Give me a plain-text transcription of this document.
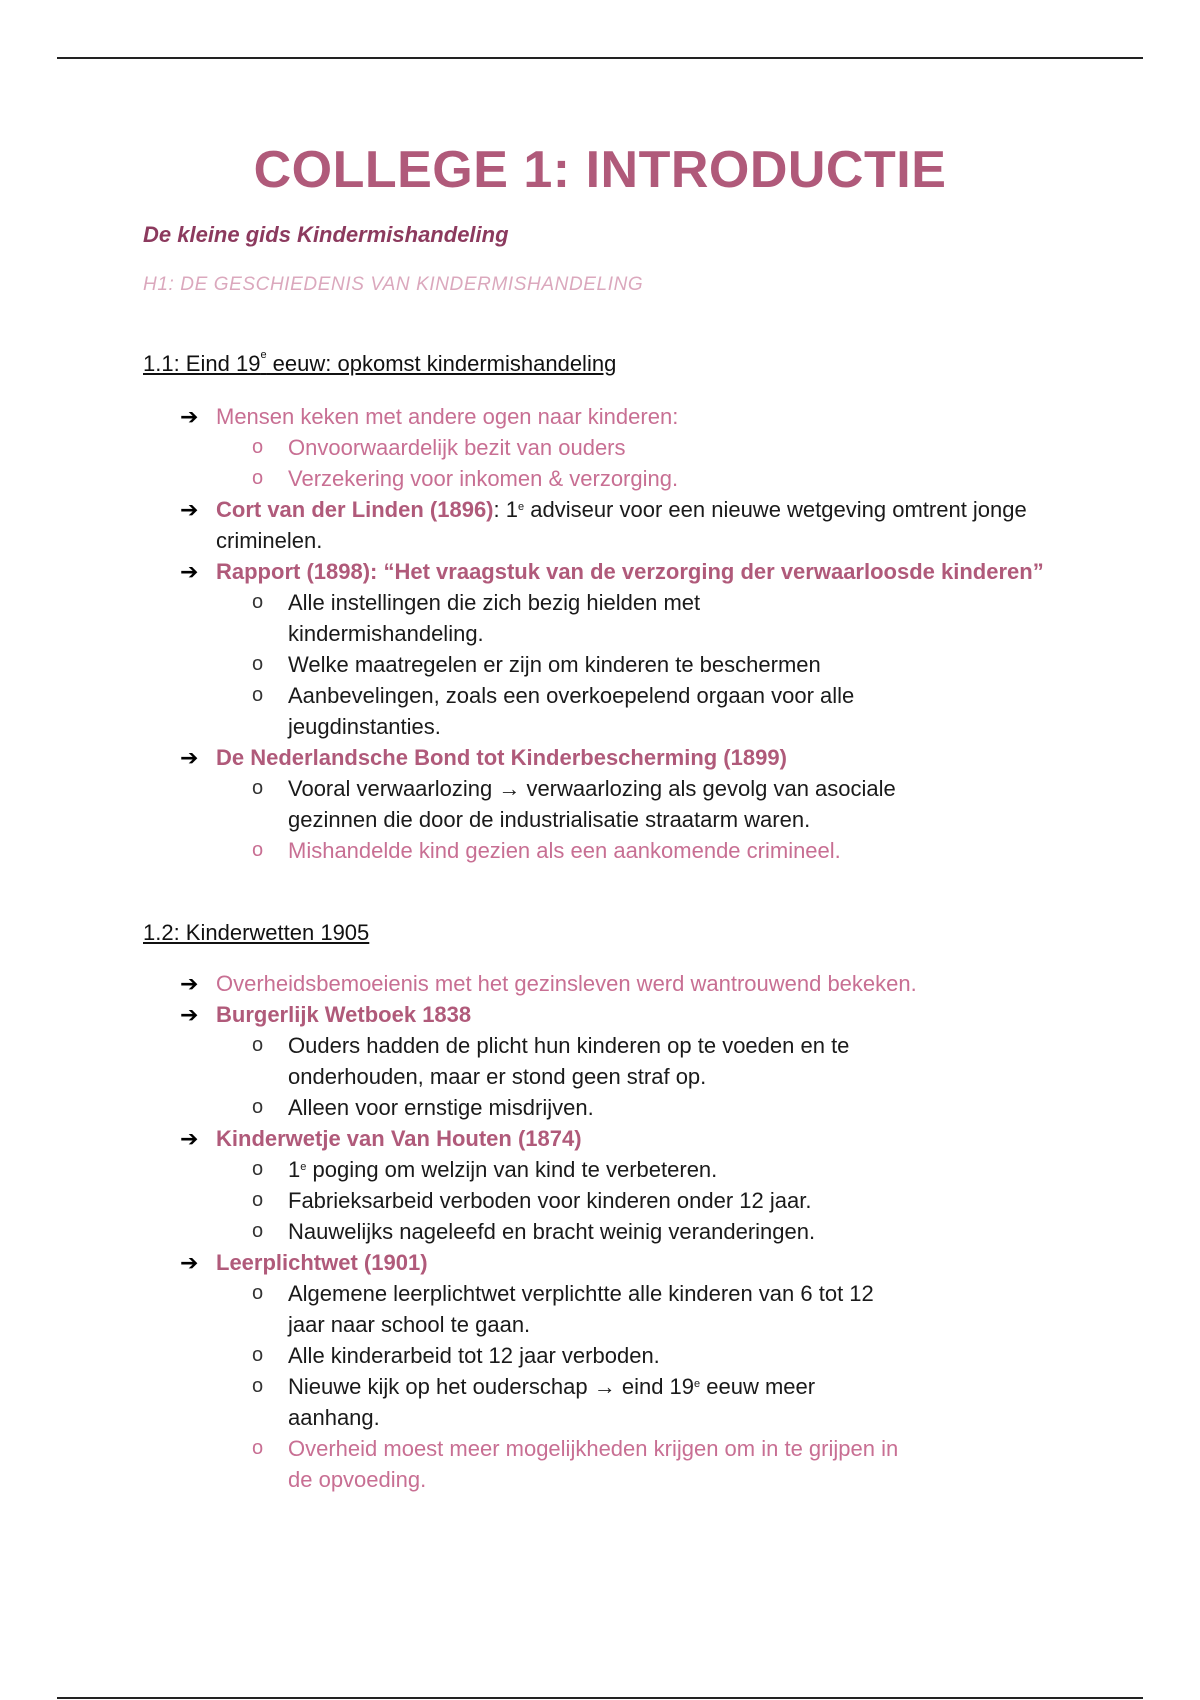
COLLEGE 1: INTRODUCTIE

De kleine gids Kindermishandeling

H1: DE GESCHIEDENIS VAN KINDERMISHANDELING

1.1: Eind 19e eeuw: opkomst kindermishandeling
➔ Mensen keken met andere ogen naar kinderen:
o Onvoorwaardelijk bezit van ouders
o Verzekering voor inkomen & verzorging.
➔ Cort van der Linden (1896): 1e adviseur voor een nieuwe wetgeving omtrent jonge criminelen.
➔ Rapport (1898): “Het vraagstuk van de verzorging der verwaarloosde kinderen”
o Alle instellingen die zich bezig hielden met kindermishandeling.
o Welke maatregelen er zijn om kinderen te beschermen
o Aanbevelingen, zoals een overkoepelend orgaan voor alle jeugdinstanties.
➔ De Nederlandsche Bond tot Kinderbescherming (1899)
o Vooral verwaarlozing → verwaarlozing als gevolg van asociale gezinnen die door de industrialisatie straatarm waren.
o Mishandelde kind gezien als een aankomende crimineel.
1.2: Kinderwetten 1905
➔ Overheidsbemoeienis met het gezinsleven werd wantrouwend bekeken.
➔ Burgerlijk Wetboek 1838
o Ouders hadden de plicht hun kinderen op te voeden en te onderhouden, maar er stond geen straf op.
o Alleen voor ernstige misdrijven.
➔ Kinderwetje van Van Houten (1874)
o 1e poging om welzijn van kind te verbeteren.
o Fabrieksarbeid verboden voor kinderen onder 12 jaar.
o Nauwelijks nageleefd en bracht weinig veranderingen.
➔ Leerplichtwet (1901)
o Algemene leerplichtwet verplichtte alle kinderen van 6 tot 12 jaar naar school te gaan.
o Alle kinderarbeid tot 12 jaar verboden.
o Nieuwe kijk op het ouderschap → eind 19e eeuw meer aanhang.
o Overheid moest meer mogelijkheden krijgen om in te grijpen in de opvoeding.
